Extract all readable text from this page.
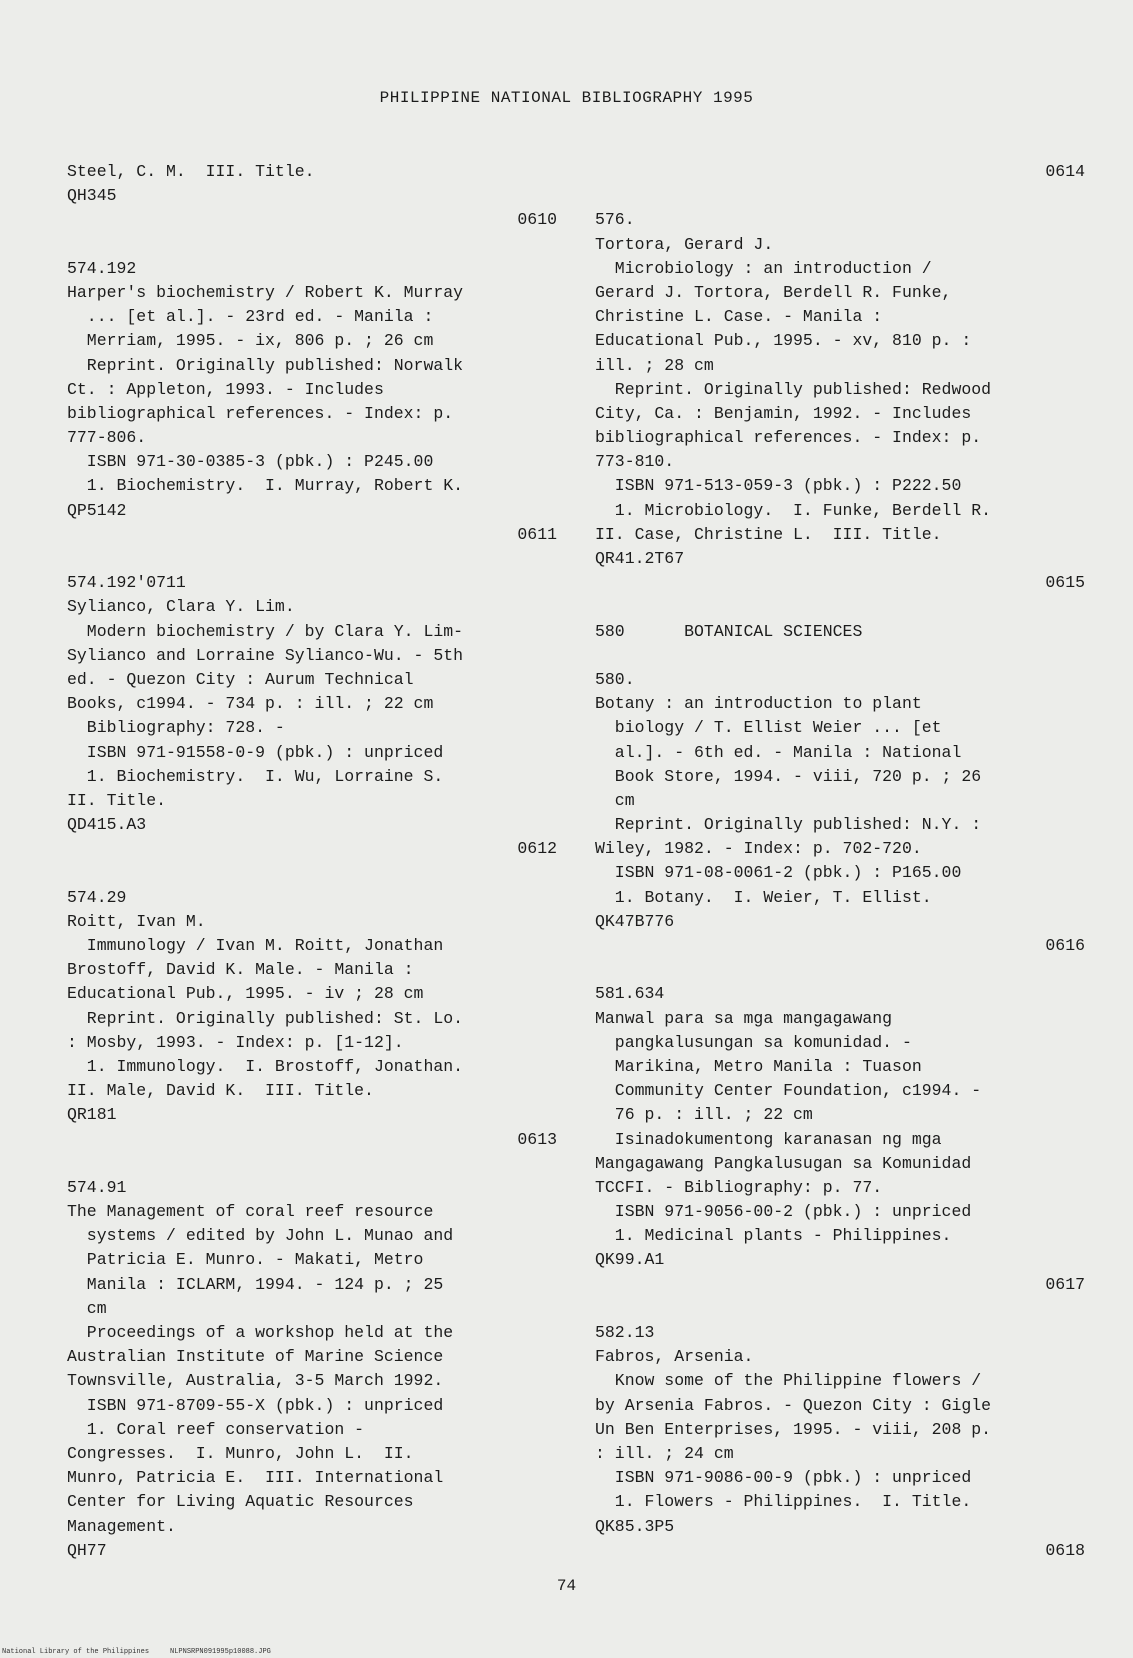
PHILIPPINE NATIONAL BIBLIOGRAPHY 1995
Steel, C. M.  III. Title.
QH345
0610
574.192
Harper's biochemistry / Robert K. Murray
... [et al.]. - 23rd ed. - Manila :
Merriam, 1995. - ix, 806 p. ; 26 cm
Reprint. Originally published: Norwalk
Ct. : Appleton, 1993. - Includes
bibliographical references. - Index: p.
777-806.
ISBN 971-30-0385-3 (pbk.) : P245.00
1. Biochemistry.  I. Murray, Robert K.
QP5142
0611
574.192'0711
Sylianco, Clara Y. Lim.
Modern biochemistry / by Clara Y. Lim-
Sylianco and Lorraine Sylianco-Wu. - 5th
ed. - Quezon City : Aurum Technical
Books, c1994. - 734 p. : ill. ; 22 cm
Bibliography: 728. -
ISBN 971-91558-0-9 (pbk.) : unpriced
1. Biochemistry.  I. Wu, Lorraine S.
II. Title.
QD415.A3
0612
574.29
Roitt, Ivan M.
Immunology / Ivan M. Roitt, Jonathan
Brostoff, David K. Male. - Manila :
Educational Pub., 1995. - iv ; 28 cm
Reprint. Originally published: St. Lo.
: Mosby, 1993. - Index: p. [1-12].
1. Immunology.  I. Brostoff, Jonathan.
II. Male, David K.  III. Title.
QR181
0613
574.91
The Management of coral reef resource
systems / edited by John L. Munao and
Patricia E. Munro. - Makati, Metro
Manila : ICLARM, 1994. - 124 p. ; 25
cm
Proceedings of a workshop held at the
Australian Institute of Marine Science
Townsville, Australia, 3-5 March 1992.
ISBN 971-8709-55-X (pbk.) : unpriced
1. Coral reef conservation -
Congresses.  I. Munro, John L.  II.
Munro, Patricia E.  III. International
Center for Living Aquatic Resources
Management.
QH77
0614
576.
Tortora, Gerard J.
Microbiology : an introduction /
Gerard J. Tortora, Berdell R. Funke,
Christine L. Case. - Manila :
Educational Pub., 1995. - xv, 810 p. :
ill. ; 28 cm
Reprint. Originally published: Redwood
City, Ca. : Benjamin, 1992. - Includes
bibliographical references. - Index: p.
773-810.
ISBN 971-513-059-3 (pbk.) : P222.50
1. Microbiology.  I. Funke, Berdell R.
II. Case, Christine L.  III. Title.
QR41.2T67
0615
580      BOTANICAL SCIENCES
580.
Botany : an introduction to plant
biology / T. Ellist Weier ... [et
al.]. - 6th ed. - Manila : National
Book Store, 1994. - viii, 720 p. ; 26
cm
Reprint. Originally published: N.Y. :
Wiley, 1982. - Index: p. 702-720.
ISBN 971-08-0061-2 (pbk.) : P165.00
1. Botany.  I. Weier, T. Ellist.
QK47B776
0616
581.634
Manwal para sa mga mangagawang
pangkalusungan sa komunidad. -
Marikina, Metro Manila : Tuason
Community Center Foundation, c1994. -
76 p. : ill. ; 22 cm
Isinadokumentong karanasan ng mga
Mangagawang Pangkalusugan sa Komunidad
TCCFI. - Bibliography: p. 77.
ISBN 971-9056-00-2 (pbk.) : unpriced
1. Medicinal plants - Philippines.
QK99.A1
0617
582.13
Fabros, Arsenia.
Know some of the Philippine flowers /
by Arsenia Fabros. - Quezon City : Gigle
Un Ben Enterprises, 1995. - viii, 208 p.
: ill. ; 24 cm
ISBN 971-9086-00-9 (pbk.) : unpriced
1. Flowers - Philippines.  I. Title.
QK85.3P5
0618
74
National Library of the Philippines     NLPNSRPN091995p10088.JPG
